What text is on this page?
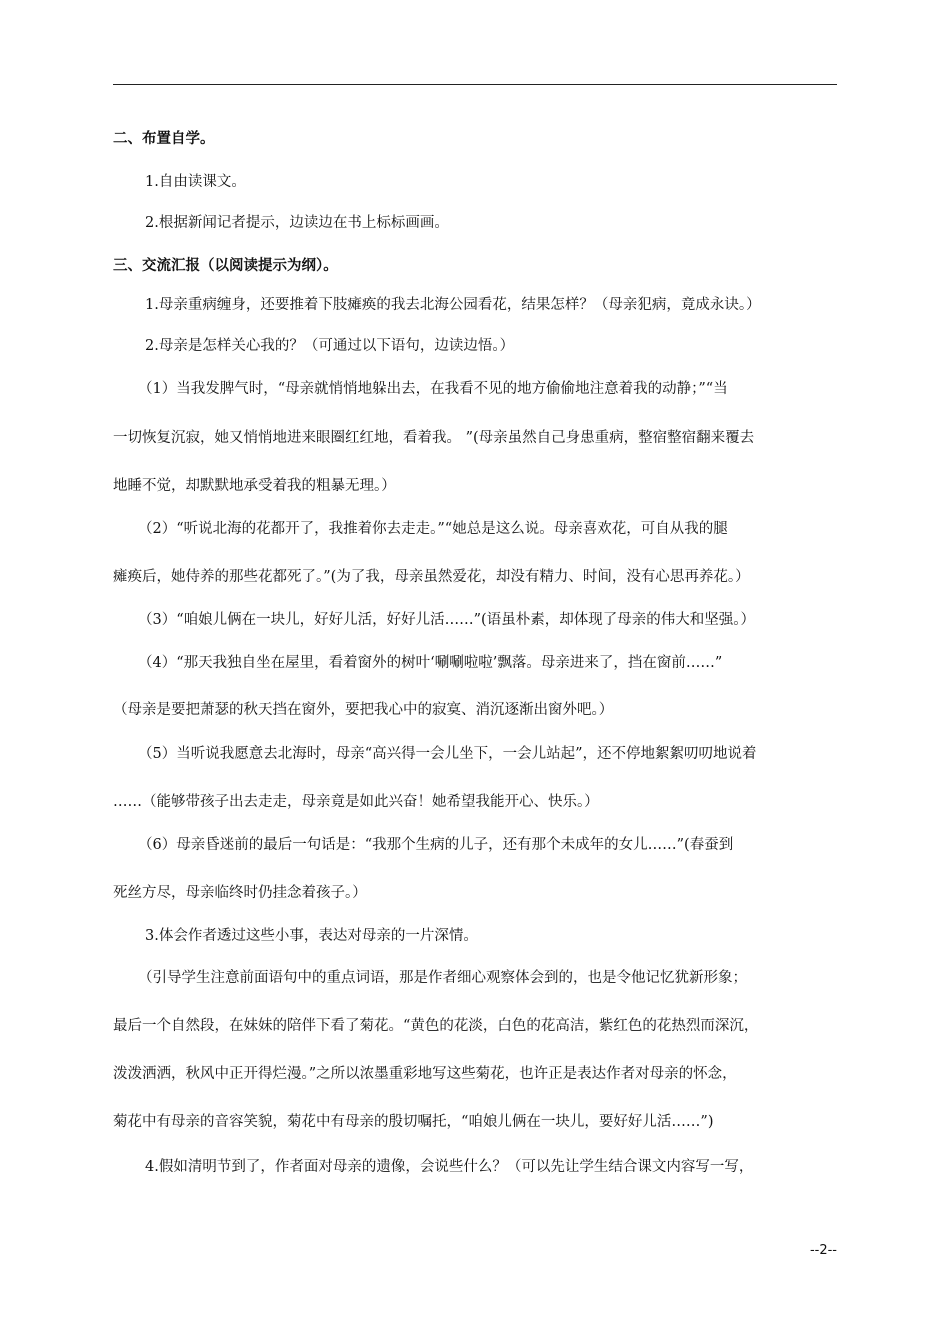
二、布置自学。
1.自由读课文。
2.根据新闻记者提示，边读边在书上标标画画。
三、交流汇报（以阅读提示为纲）。
1.母亲重病缠身，还要推着下肢瘫痪的我去北海公园看花，结果怎样？（母亲犯病，竟成永诀。）
2.母亲是怎样关心我的？（可通过以下语句，边读边悟。）
（1）当我发脾气时，“母亲就悄悄地躲出去，在我看不见的地方偷偷地注意着我的动静；”“当
一切恢复沉寂，她又悄悄地进来眼圈红红地，看着我。 ”(母亲虽然自己身患重病，整宿整宿翻来覆去
地睡不觉，却默默地承受着我的粗暴无理。）
（2）“听说北海的花都开了，我推着你去走走。”“她总是这么说。母亲喜欢花，可自从我的腿
瘫痪后，她侍养的那些花都死了。”(为了我，母亲虽然爱花，却没有精力、时间，没有心思再养花。）
（3）“咱娘儿俩在一块儿，好好儿活，好好儿活……”(语虽朴素，却体现了母亲的伟大和坚强。）
（4）“那天我独自坐在屋里，看着窗外的树叶‘唰唰啦啦’飘落。母亲进来了，挡在窗前……”
（母亲是要把萧瑟的秋天挡在窗外，要把我心中的寂寞、消沉逐渐出窗外吧。）
（5）当听说我愿意去北海时，母亲“高兴得一会儿坐下，一会儿站起”，还不停地絮絮叨叨地说着
……（能够带孩子出去走走，母亲竟是如此兴奋！她希望我能开心、快乐。）
（6）母亲昏迷前的最后一句话是：“我那个生病的儿子，还有那个未成年的女儿……”(春蚕到
死丝方尽，母亲临终时仍挂念着孩子。）
3.体会作者透过这些小事，表达对母亲的一片深情。
（引导学生注意前面语句中的重点词语，那是作者细心观察体会到的，也是令他记忆犹新形象；
最后一个自然段，在妹妹的陪伴下看了菊花。“黄色的花淡，白色的花高洁，紫红色的花热烈而深沉，
泼泼洒洒，秋风中正开得烂漫。”之所以浓墨重彩地写这些菊花，也许正是表达作者对母亲的怀念，
菊花中有母亲的音容笑貌，菊花中有母亲的殷切嘱托，“咱娘儿俩在一块儿，要好好儿活……”)
4.假如清明节到了，作者面对母亲的遗像，会说些什么？（可以先让学生结合课文内容写一写，
--2--
